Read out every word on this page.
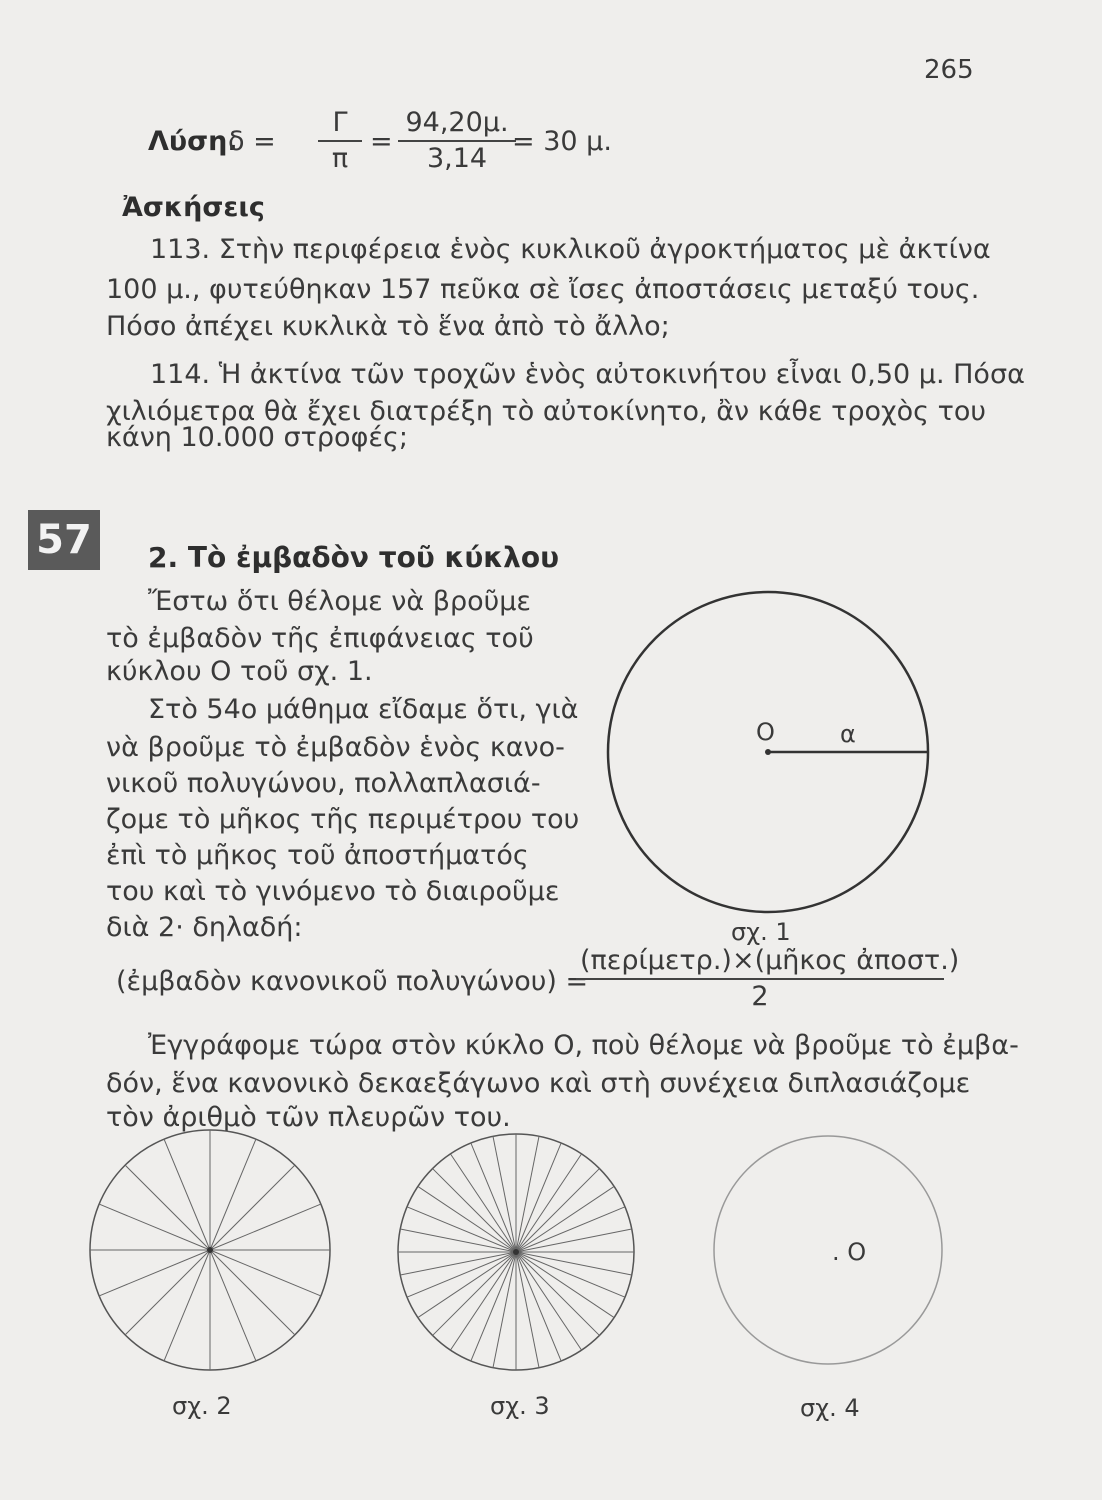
265
Λύση.
$\delta = \frac{\Gamma}{\pi} = \frac{94,20\mu.}{3,14}$
= 30 μ.
Ἀσκήσεις
113. Στὴν περιφέρεια ἑνὸς κυκλικοῦ ἀγροκτήματος μὲ ἀκτίνα
100 μ., φυτεύθηκαν 157 πεῦκα σὲ ἴσες ἀποστάσεις μεταξύ τους.
Πόσο ἀπέχει κυκλικὰ τὸ ἕνα ἀπὸ τὸ ἄλλο;
114. Ἡ ἀκτίνα τῶν τροχῶν ἑνὸς αὐτοκινήτου εἶναι 0,50 μ. Πόσα
χιλιόμετρα θὰ ἔχει διατρέξη τὸ αὐτοκίνητο, ἂν κάθε τροχὸς του
κάνη 10.000 στροφές;
57 2. Τὸ ἐμβαδὸν τοῦ κύκλου
Ἔστω ὅτι θέλομε νὰ βροῦμε
τὸ ἐμβαδὸν τῆς ἐπιφάνειας τοῦ
κύκλου Ο τοῦ σχ. 1.
Στὸ 54ο μάθημα εἴδαμε ὅτι, γιὰ
νὰ βροῦμε τὸ ἐμβαδὸν ἑνὸς κανο-
νικοῦ πολυγώνου, πολλαπλασιά-
ζομε τὸ μῆκος τῆς περιμέτρου του
ἐπὶ τὸ μῆκος τοῦ ἀποστήματός
του καὶ τὸ γινόμενο τὸ διαιροῦμε
διὰ 2· δηλαδή:
(ἐμβαδὸν κανονικοῦ πολυγώνου) =
(περίμετρ.)×(μῆκος ἀποστ.)
2
Ἐγγράφομε τώρα στὸν κύκλο Ο, ποὺ θέλομε νὰ βροῦμε τὸ ἐμβα-
δόν, ἕνα κανονικὸ δεκαεξάγωνο καὶ στὴ συνέχεια διπλασιάζομε
τὸν ἀριθμὸ τῶν πλευρῶν του.
Ο	α
σχ. 1
σχ. 2	σχ. 3	σχ. 4
. Ο
